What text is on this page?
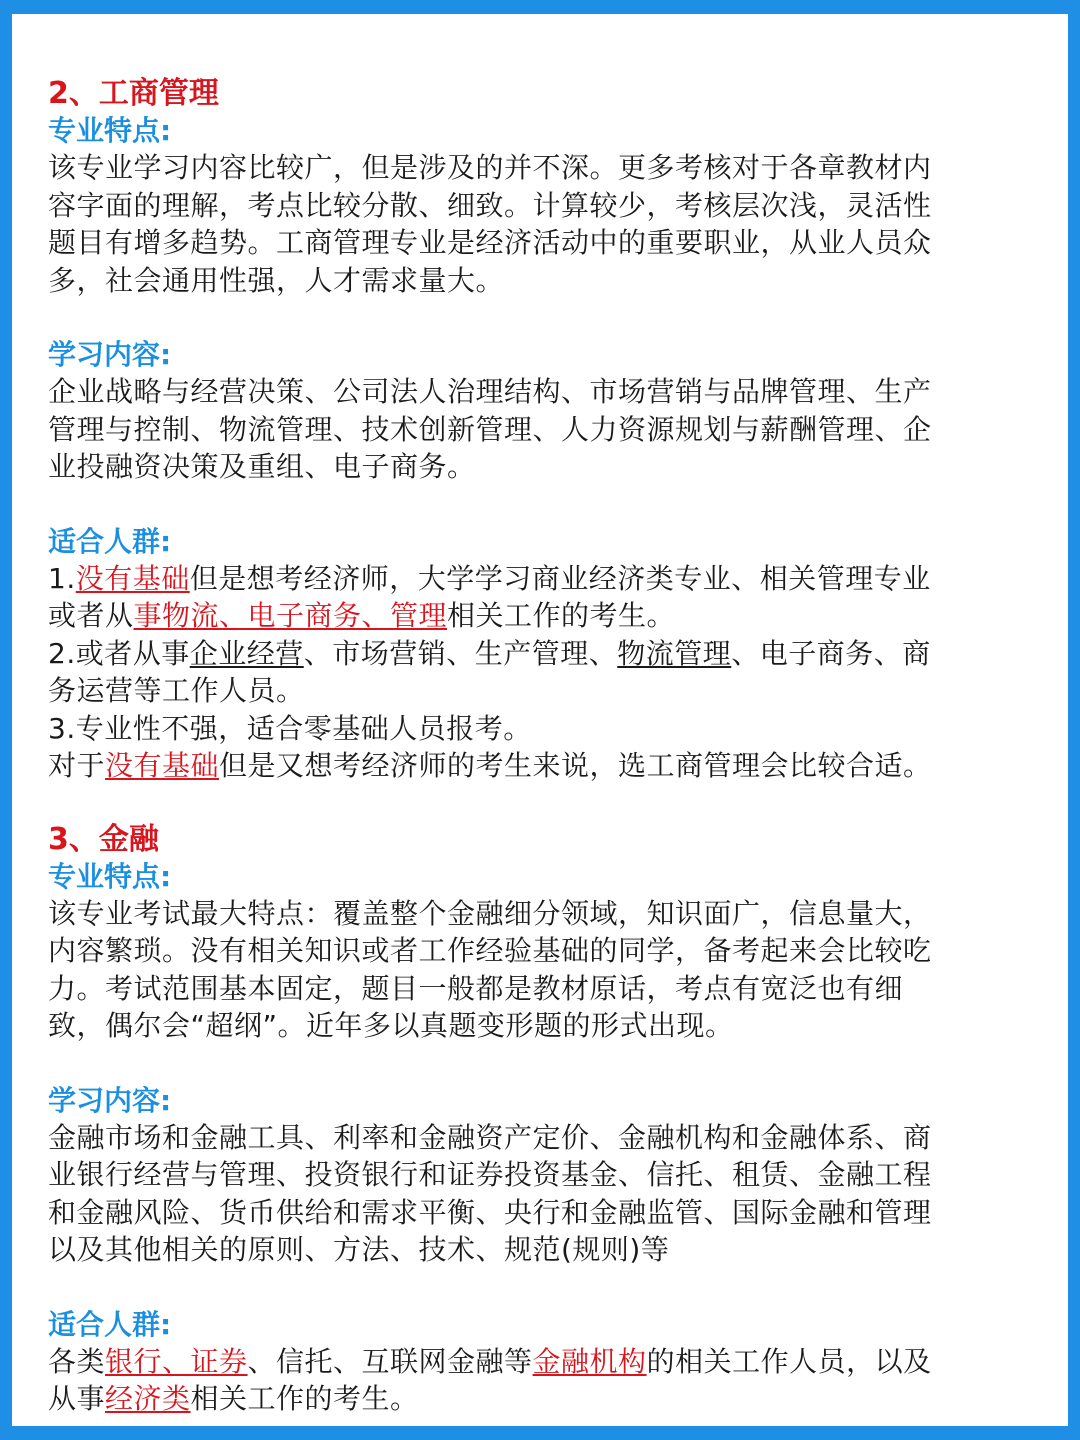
2、工商管理

专业特点:

该专业学习内容比较广，但是涉及的并不深。更多考核对于各章教材内
容字面的理解，考点比较分散、细致。计算较少，考核层次浅，灵活性
题目有增多趋势。工商管理专业是经济活动中的重要职业，从业人员众
多，社会通用性强，人才需求量大。

学习内容:

企业战略与经营决策、公司法人治理结构、市场营销与品牌管理、生产
管理与控制、物流管理、技术创新管理、人力资源规划与薪酬管理、企
业投融资决策及重组、电子商务。

适合人群:

1.没有基础但是想考经济师，大学学习商业经济类专业、相关管理专业
或者从事物流、电子商务、管理相关工作的考生。
2.或者从事企业经营、市场营销、生产管理、物流管理、电子商务、商
务运营等工作人员。
3.专业性不强，适合零基础人员报考。
对于没有基础但是又想考经济师的考生来说，选工商管理会比较合适。

3、金融

专业特点:

该专业考试最大特点：覆盖整个金融细分领域，知识面广，信息量大，
内容繁琐。没有相关知识或者工作经验基础的同学，备考起来会比较吃
力。考试范围基本固定，题目一般都是教材原话，考点有宽泛也有细
致，偶尔会“超纲”。近年多以真题变形题的形式出现。

学习内容:

金融市场和金融工具、利率和金融资产定价、金融机构和金融体系、商
业银行经营与管理、投资银行和证券投资基金、信托、租赁、金融工程
和金融风险、货币供给和需求平衡、央行和金融监管、国际金融和管理
以及其他相关的原则、方法、技术、规范(规则)等

适合人群:

各类银行、证券、信托、互联网金融等金融机构的相关工作人员，以及
从事经济类相关工作的考生。
